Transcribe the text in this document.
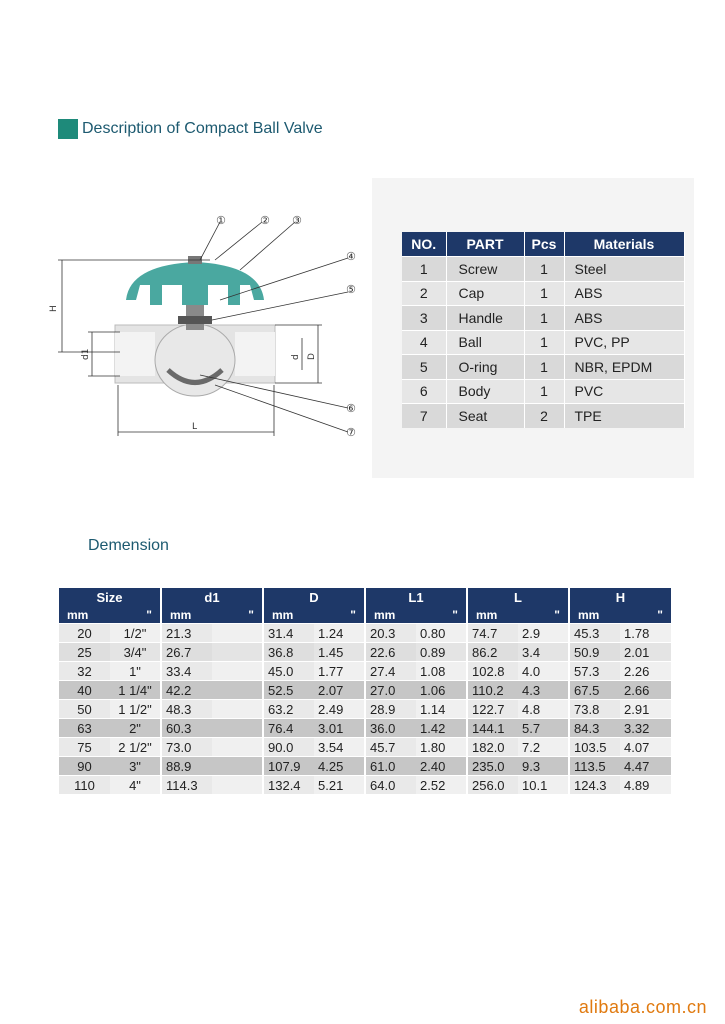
Description of Compact Ball Valve
①	② ③
④
⑤
⑥
⑦
H
d1	d D
L
NO.	PART	Pcs	Materials
1	Screw	1	Steel
2	Cap	1	ABS
3	Handle	1	ABS
4	Ball	1	PVC, PP
5	O-ring	1	NBR, EPDM
6	Body	1	PVC
7	Seat	2	TPE
Demension
Size		d1		D		L1		L		H	
mm	"	mm	"	mm	"	mm	"	mm	"	mm	"
20	1/2"	21.3		31.4	1.24	20.3	0.80	74.7	2.9	45.3	1.78
25	3/4"	26.7		36.8	1.45	22.6	0.89	86.2	3.4	50.9	2.01
32	1"	33.4		45.0	1.77	27.4	1.08	102.8	4.0	57.3	2.26
40	1 1/4"	42.2		52.5	2.07	27.0	1.06	110.2	4.3	67.5	2.66
50	1 1/2"	48.3		63.2	2.49	28.9	1.14	122.7	4.8	73.8	2.91
63	2"	60.3		76.4	3.01	36.0	1.42	144.1	5.7	84.3	3.32
75	2 1/2"	73.0		90.0	3.54	45.7	1.80	182.0	7.2	103.5	4.07
90	3"	88.9		107.9	4.25	61.0	2.40	235.0	9.3	113.5	4.47
110	4"	114.3		132.4	5.21	64.0	2.52	256.0	10.1	124.3	4.89
alibaba.com.cn
